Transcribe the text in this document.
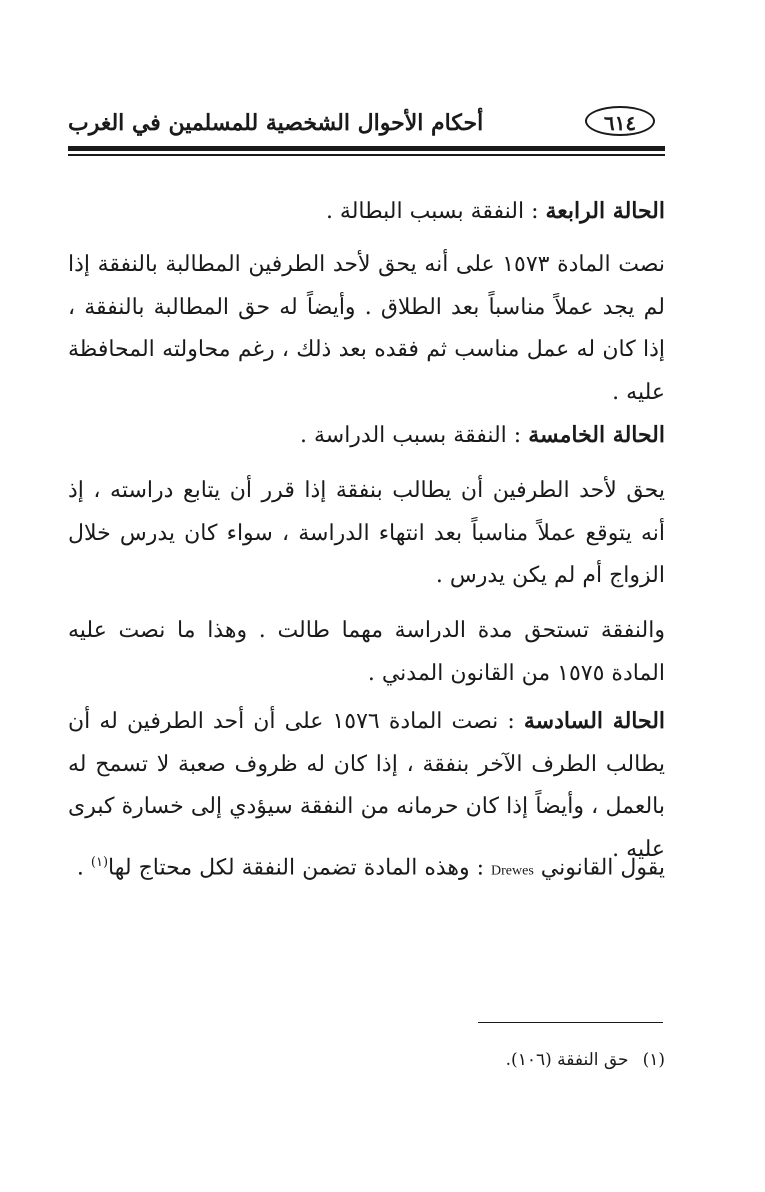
أحكام الأحوال الشخصية للمسلمين في الغرب	٦١٤

الحالة الرابعة : النفقة بسبب البطالة .

نصت المادة ١٥٧٣ على أنه يحق لأحد الطرفين المطالبة بالنفقة إذا لم يجد عملاً مناسباً بعد الطلاق . وأيضاً له حق المطالبة بالنفقة ، إذا كان له عمل مناسب ثم فقده بعد ذلك ، رغم محاولته المحافظة عليه .

الحالة الخامسة : النفقة بسبب الدراسة .

يحق لأحد الطرفين أن يطالب بنفقة إذا قرر أن يتابع دراسته ، إذ أنه يتوقع عملاً مناسباً بعد انتهاء الدراسة ، سواء كان يدرس خلال الزواج أم لم يكن يدرس .

والنفقة تستحق مدة الدراسة مهما طالت . وهذا ما نصت عليه المادة ١٥٧٥ من القانون المدني .

الحالة السادسة : نصت المادة ١٥٧٦ على أن أحد الطرفين له أن يطالب الطرف الآخر بنفقة ، إذا كان له ظروف صعبة لا تسمح له بالعمل ، وأيضاً إذا كان حرمانه من النفقة سيؤدي إلى خسارة كبرى عليه .

يقول القانوني Drewes : وهذه المادة تضمن النفقة لكل محتاج لها$^{(١)}$ .

(١)حق النفقة (١٠٦).
